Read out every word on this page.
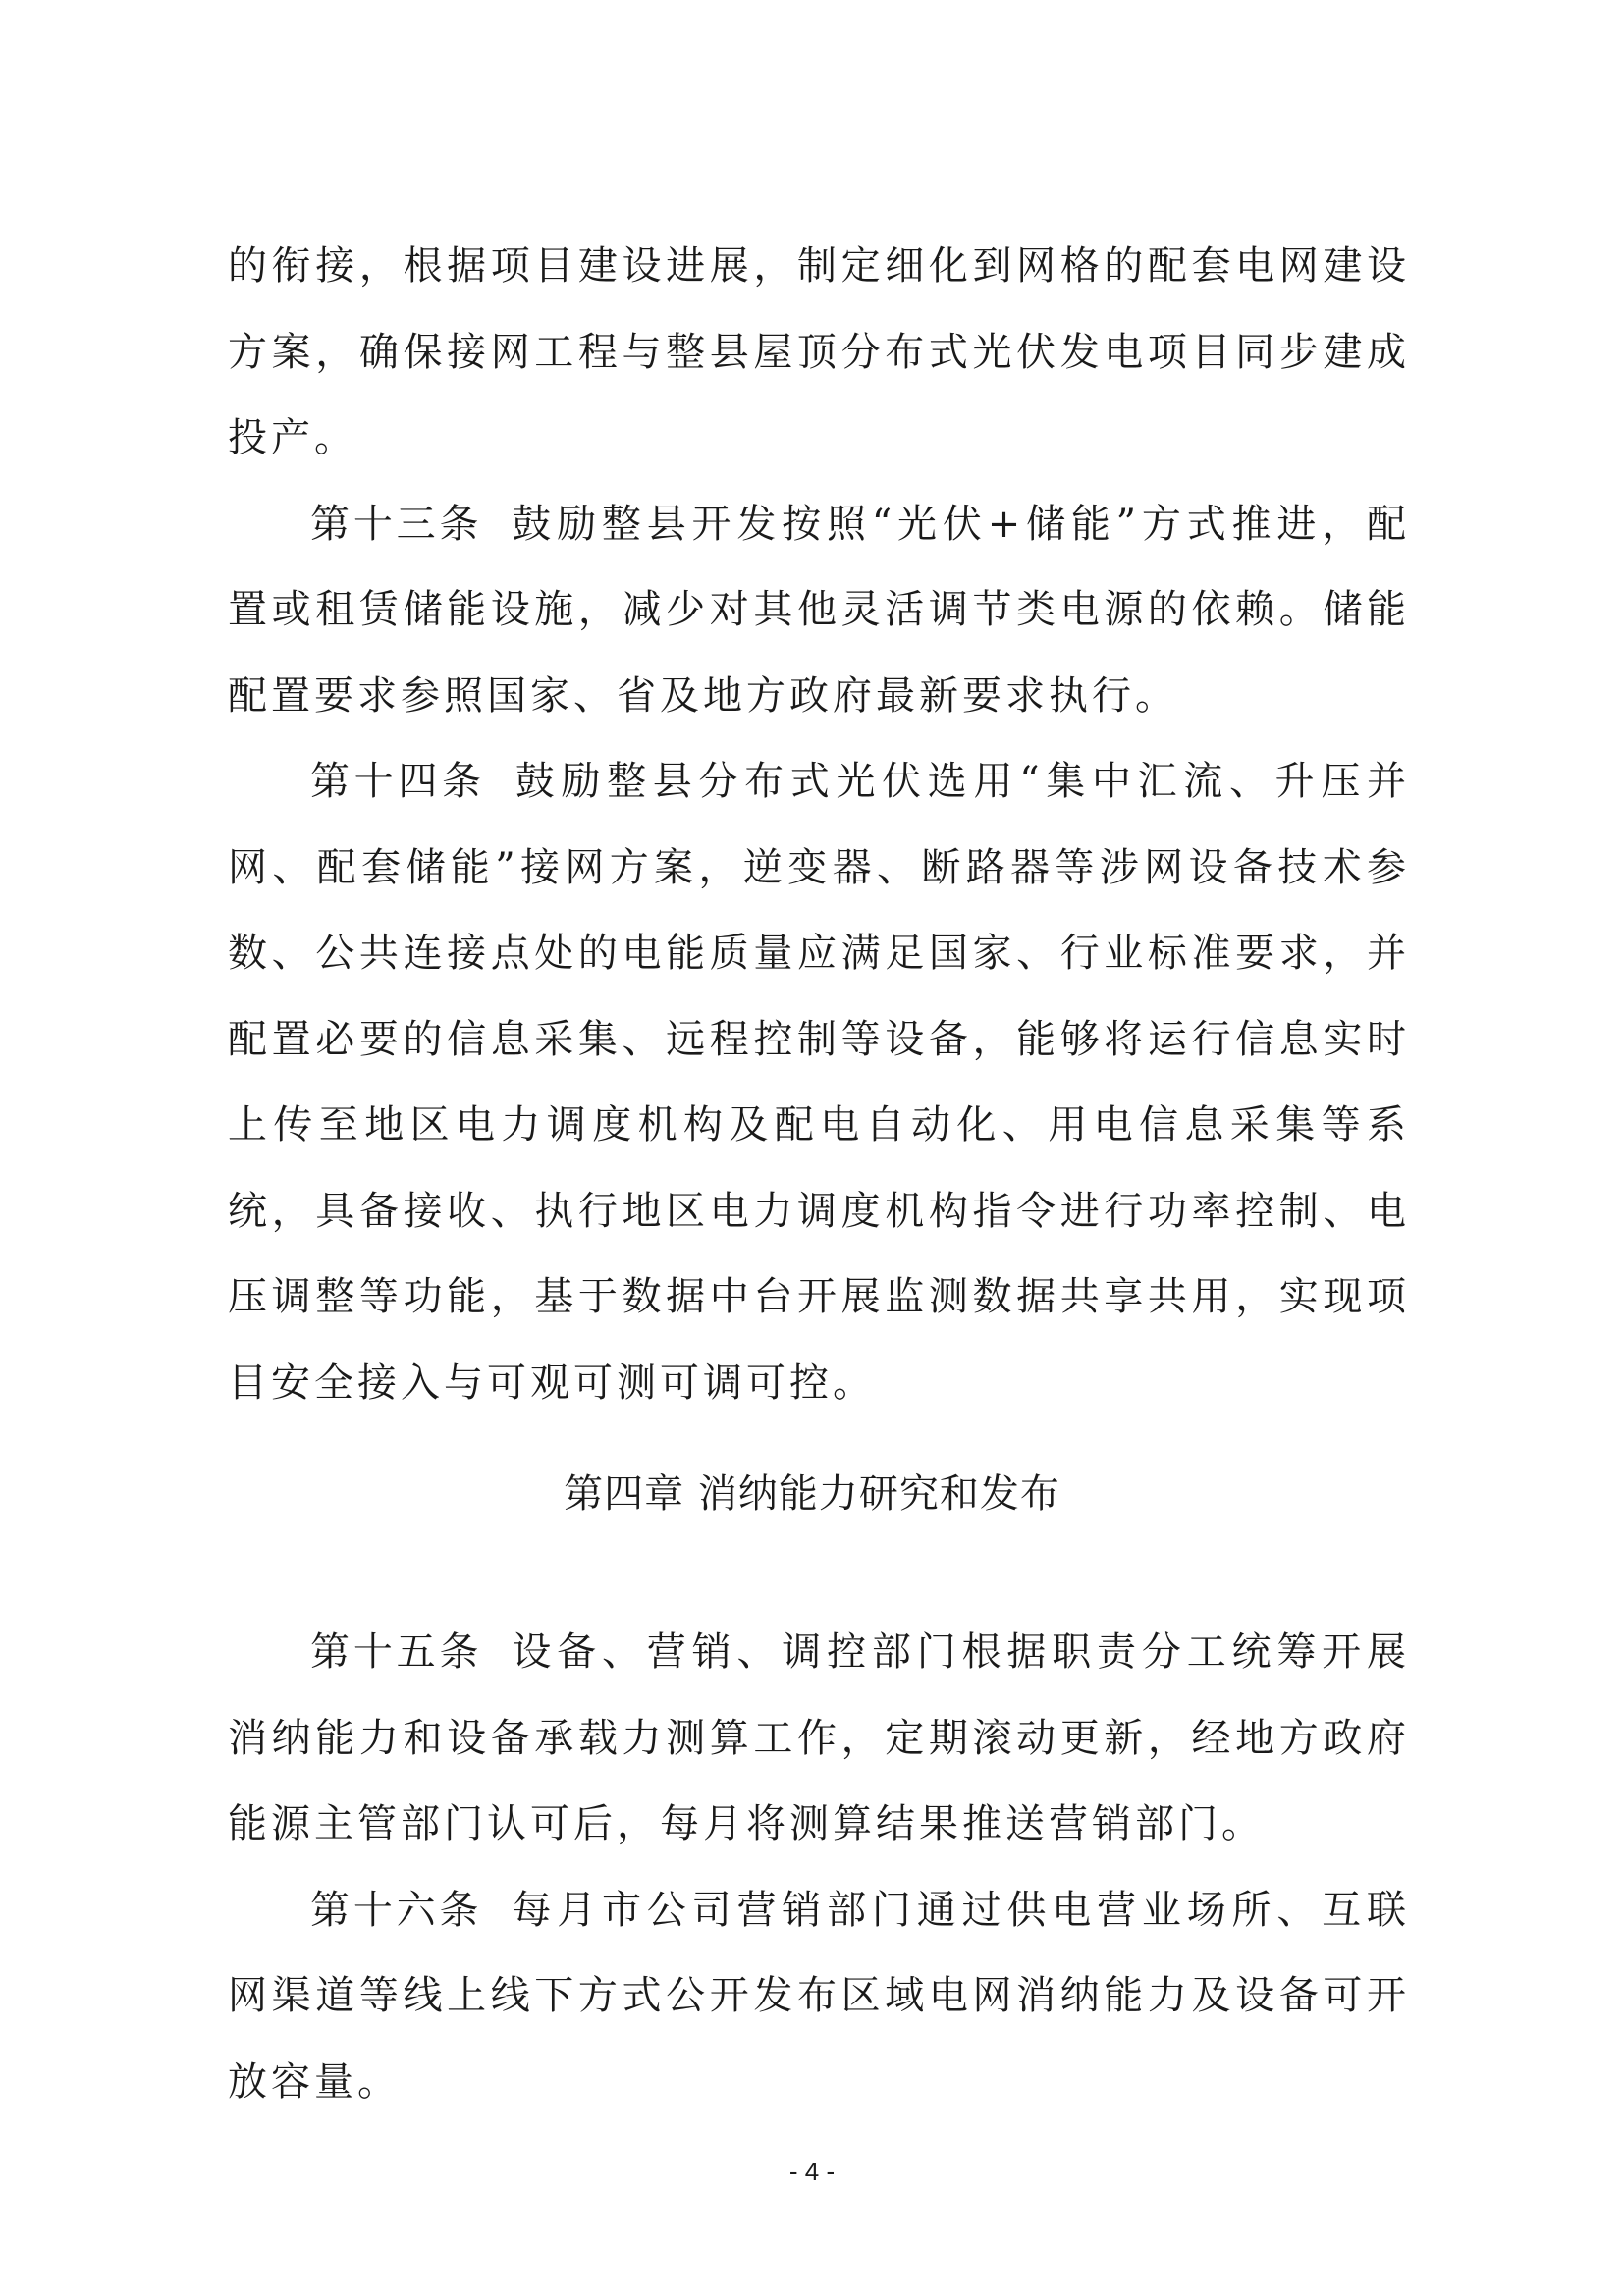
的衔接，根据项目建设进展，制定细化到网格的配套电网建设方案，确保接网工程与整县屋顶分布式光伏发电项目同步建成投产。

第十三条 鼓励整县开发按照“光伏+储能”方式推进，配置或租赁储能设施，减少对其他灵活调节类电源的依赖。储能配置要求参照国家、省及地方政府最新要求执行。

第十四条 鼓励整县分布式光伏选用“集中汇流、升压并网、配套储能”接网方案，逆变器、断路器等涉网设备技术参数、公共连接点处的电能质量应满足国家、行业标准要求，并配置必要的信息采集、远程控制等设备，能够将运行信息实时上传至地区电力调度机构及配电自动化、用电信息采集等系统，具备接收、执行地区电力调度机构指令进行功率控制、电压调整等功能，基于数据中台开展监测数据共享共用，实现项目安全接入与可观可测可调可控。

第四章 消纳能力研究和发布

第十五条 设备、营销、调控部门根据职责分工统筹开展消纳能力和设备承载力测算工作，定期滚动更新，经地方政府能源主管部门认可后，每月将测算结果推送营销部门。

第十六条 每月市公司营销部门通过供电营业场所、互联网渠道等线上线下方式公开发布区域电网消纳能力及设备可开放容量。

- 4 -
